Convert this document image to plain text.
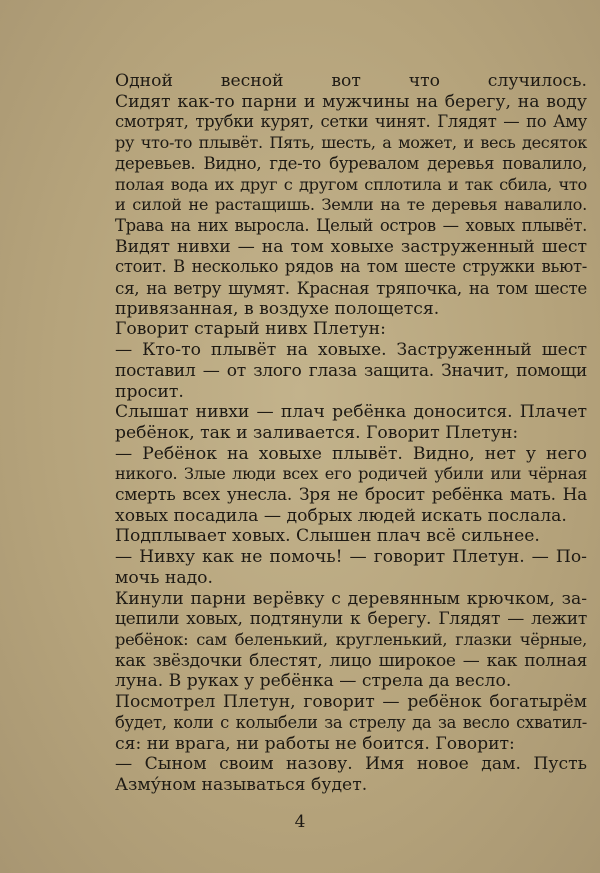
Одной весной вот что случилось.
Сидят как-то парни и мужчины на берегу, на воду
смотрят, трубки курят, сетки чинят. Глядят — по Аму
ру что-то плывёт. Пять, шесть, а может, и весь десяток
деревьев. Видно, где-то буревалом деревья повалило,
полая вода их друг с другом сплотила и так сбила, что
и силой не растащишь. Земли на те деревья навалило.
Трава на них выросла. Целый остров — ховых плывёт.
Видят нивхи — на том ховыхе заструженный шест
стоит. В несколько рядов на том шесте стружки вьют-
ся, на ветру шумят. Красная тряпочка, на том шесте
привязанная, в воздухе полощется.
Говорит старый нивх Плетун:
— Кто-то плывёт на ховыхе. Заструженный шест
поставил — от злого глаза защита. Значит, помощи
просит.
Слышат нивхи — плач ребёнка доносится. Плачет
ребёнок, так и заливается. Говорит Плетун:
— Ребёнок на ховыхе плывёт. Видно, нет у него
никого. Злые люди всех его родичей убили или чёрная
смерть всех унесла. Зря не бросит ребёнка мать. На
ховых посадила — добрых людей искать послала.
Подплывает ховых. Слышен плач всё сильнее.
— Нивху как не помочь! — говорит Плетун. — По-
мочь надо.
Кинули парни верёвку с деревянным крючком, за-
цепили ховых, подтянули к берегу. Глядят — лежит
ребёнок: сам беленький, кругленький, глазки чёрные,
как звёздочки блестят, лицо широкое — как полная
луна. В руках у ребёнка — стрела да весло.
Посмотрел Плетун, говорит — ребёнок богатырём
будет, коли с колыбели за стрелу да за весло схватил-
ся: ни врага, ни работы не боится. Говорит:
— Сыном своим назову. Имя новое дам. Пусть
Азму́ном называться будет.
4
